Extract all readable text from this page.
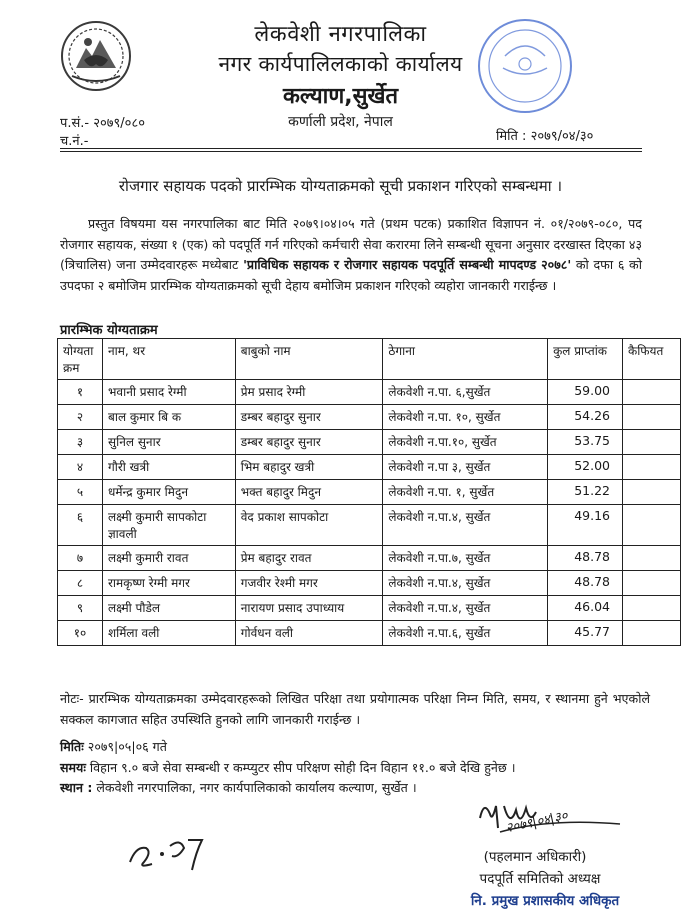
लेकवेशी नगरपालिका
नगर कार्यपालिलकाको कार्यालय
कल्याण,सुर्खेत
कर्णाली प्रदेश, नेपाल
प.सं.- २०७९/०८०
च.नं.-	मिति : २०७९/०४/३०
रोजगार सहायक पदको प्रारम्भिक योग्यताक्रमको सूची प्रकाशन गरिएको सम्बन्धमा ।
प्रस्तुत विषयमा यस नगरपालिका बाट मिति २०७९।०४।०५ गते (प्रथम पटक) प्रकाशित विज्ञापन नं. ०१/२०७९-०८०, पद रोजगार सहायक, संख्या १ (एक) को पदपूर्ति गर्न गरिएको कर्मचारी सेवा करारमा लिने सम्बन्धी सूचना अनुसार दरखास्त दिएका ४३ (त्रिचालिस) जना उम्मेदवारहरू मध्येबाट 'प्राविधिक सहायक र रोजगार सहायक पदपूर्ति सम्बन्धी मापदण्ड २०७८' को दफा ६ को उपदफा २ बमोजिम प्रारम्भिक योग्यताक्रमको सूची देहाय बमोजिम प्रकाशन गरिएको व्यहोरा जानकारी गराईन्छ ।
प्रारम्भिक योग्यताक्रम
योग्यता क्रम	नाम, थर	बाबुको नाम	ठेगाना	कुल प्राप्तांक	कैफियत
१	भवानी प्रसाद रेग्मी	प्रेम प्रसाद रेग्मी	लेकवेशी न.पा. ६,सुर्खेत	59.00	
२	बाल कुमार बि क	डम्बर बहादुर सुनार	लेकवेशी न.पा. १०, सुर्खेत	54.26	
३	सुनिल सुनार	डम्बर बहादुर सुनार	लेकवेशी न.पा.१०, सुर्खेत	53.75	
४	गौरी खत्री	भिम बहादुर खत्री	लेकवेशी न.पा ३, सुर्खेत	52.00	
५	धर्मेन्द्र कुमार मिदुन	भक्त बहादुर मिदुन	लेकवेशी न.पा. १, सुर्खेत	51.22	
६	लक्ष्मी कुमारी सापकोटा ज्ञावली	वेद प्रकाश सापकोटा	लेकवेशी न.पा.४, सुर्खेत	49.16	
७	लक्ष्मी कुमारी रावत	प्रेम बहादुर रावत	लेकवेशी न.पा.७, सुर्खेत	48.78	
८	रामकृष्ण रेग्मी मगर	गजवीर रेश्मी मगर	लेकवेशी न.पा.४, सुर्खेत	48.78	
९	लक्ष्मी पौडेल	नारायण प्रसाद उपाध्याय	लेकवेशी न.पा.४, सुर्खेत	46.04	
१०	शर्मिला वली	गोर्वधन वली	लेकवेशी न.पा.६, सुर्खेत	45.77	
नोटः- प्रारम्भिक योग्यताक्रमका उम्मेदवारहरूको लिखित परिक्षा तथा प्रयोगात्मक परिक्षा निम्न मिति, समय, र स्थानमा हुने भएकोले सक्कल कागजात सहित उपस्थिति हुनको लागि जानकारी गराईन्छ ।
मितिः २०७९|०५|०६ गते
समयः विहान ९.० बजे सेवा सम्बन्धी र कम्प्युटर सीप परिक्षण सोही दिन विहान ११.० बजे देखि हुनेछ ।
स्थान : लेकवेशी नगरपालिका, नगर कार्यपालिकाको कार्यालय कल्याण, सुर्खेत ।
२०७९|०४|३०
(पहलमान अधिकारी)
पदपूर्ति समितिको अध्यक्ष
नि. प्रमुख प्रशासकीय अधिकृत
